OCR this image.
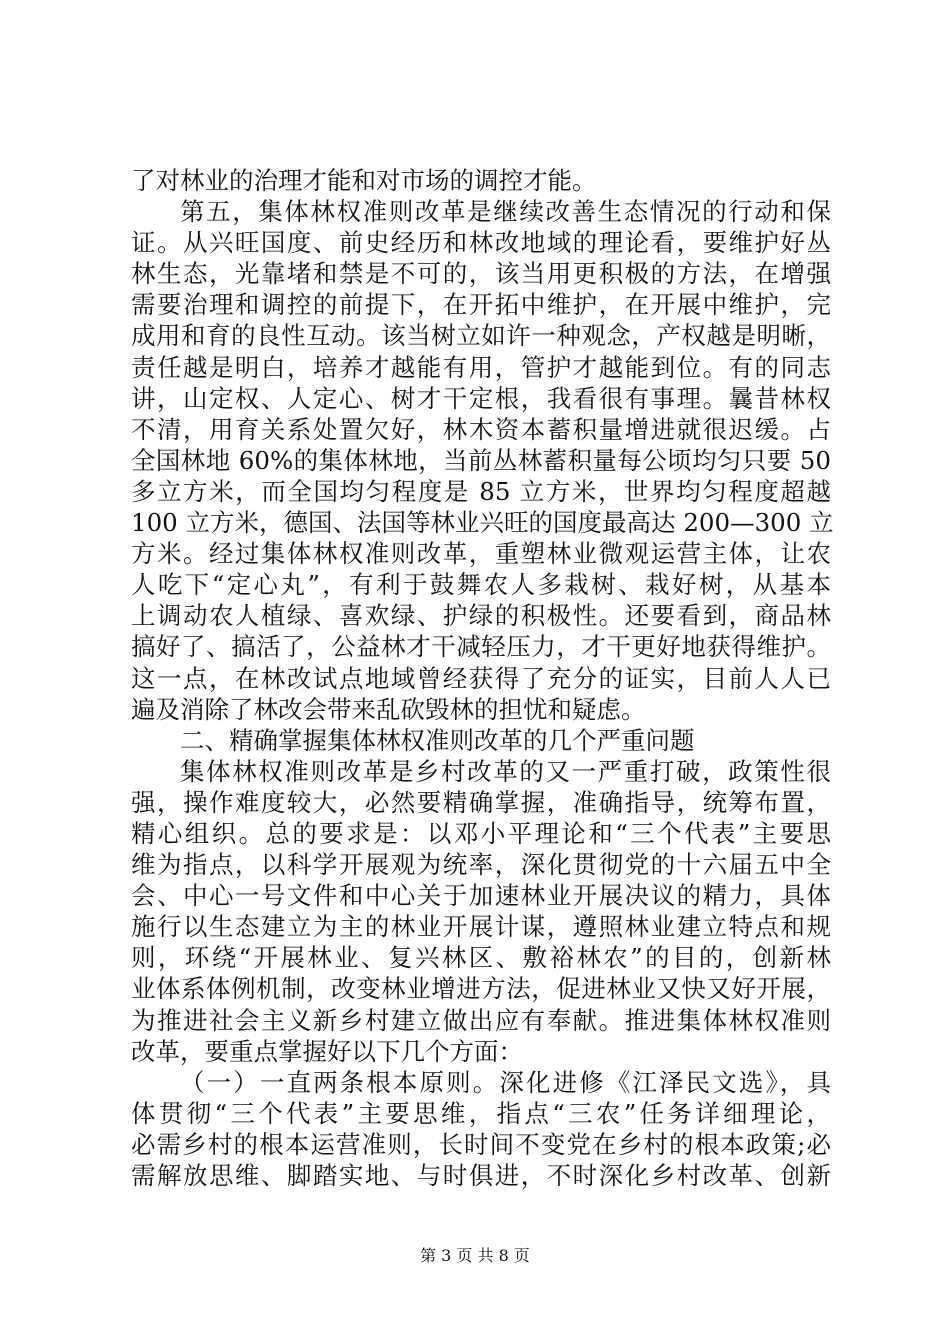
了对林业的治理才能和对市场的调控才能。
第五，集体林权准则改革是继续改善生态情况的行动和保
证。从兴旺国度、前史经历和林改地域的理论看，要维护好丛
林生态，光靠堵和禁是不可的，该当用更积极的方法，在增强
需要治理和调控的前提下，在开拓中维护，在开展中维护，完
成用和育的良性互动。该当树立如许一种观念，产权越是明晰，
责任越是明白，培养才越能有用，管护才越能到位。有的同志
讲，山定权、人定心、树才干定根，我看很有事理。曩昔林权
不清，用育关系处置欠好，林木资本蓄积量增进就很迟缓。占
全国林地 60%的集体林地，当前丛林蓄积量每公顷均匀只要 50
多立方米，而全国均匀程度是 85 立方米，世界均匀程度超越
100 立方米，德国、法国等林业兴旺的国度最高达 200—300 立
方米。经过集体林权准则改革，重塑林业微观运营主体，让农
人吃下“定心丸”，有利于鼓舞农人多栽树、栽好树，从基本
上调动农人植绿、喜欢绿、护绿的积极性。还要看到，商品林
搞好了、搞活了，公益林才干减轻压力，才干更好地获得维护。
这一点，在林改试点地域曾经获得了充分的证实，目前人人已
遍及消除了林改会带来乱砍毁林的担忧和疑虑。
二、精确掌握集体林权准则改革的几个严重问题
集体林权准则改革是乡村改革的又一严重打破，政策性很
强，操作难度较大，必然要精确掌握，准确指导，统筹布置，
精心组织。总的要求是：以邓小平理论和“三个代表”主要思
维为指点，以科学开展观为统率，深化贯彻党的十六届五中全
会、中心一号文件和中心关于加速林业开展决议的精力，具体
施行以生态建立为主的林业开展计谋，遵照林业建立特点和规
则，环绕“开展林业、复兴林区、敷裕林农”的目的，创新林
业体系体例机制，改变林业增进方法，促进林业又快又好开展，
为推进社会主义新乡村建立做出应有奉献。推进集体林权准则
改革，要重点掌握好以下几个方面：
（一）一直两条根本原则。深化进修《江泽民文选》，具
体贯彻“三个代表”主要思维，指点“三农”任务详细理论，
必需乡村的根本运营准则，长时间不变党在乡村的根本政策;必
需解放思维、脚踏实地、与时俱进，不时深化乡村改革、创新
第 3 页 共 8 页
